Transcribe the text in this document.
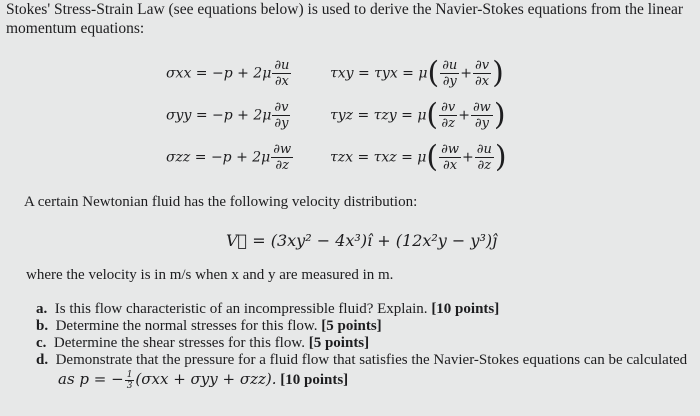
Stokes' Stress-Strain Law (see equations below) is used to derive the Navier-Stokes equations from the linear
momentum equations:
$\sigma xx = -p + 2\mu \frac{\partial u}{\partial x}$
$\sigma yy = -p + 2\mu \frac{\partial v}{\partial y}$
$\sigma zz = -p + 2\mu \frac{\partial w}{\partial z}$
$\tau xy = \tau yx = \mu( \frac{\partial u}{\partial y} + \frac{\partial v}{\partial x}$ )
$\tau yz = \tau zy = \mu( \frac{\partial v}{\partial z} + \frac{\partial w}{\partial y}$ )
$\tau zx = \tau xz = \mu( \frac{\partial w}{\partial x} + \frac{\partial u}{\partial z}$ )
A certain Newtonian fluid has the following velocity distribution:
V⃗ = (3xy² − 4x³)î + (12x²y − y³)ĵ
where the velocity is in m/s when x and y are measured in m.
a. Is this flow characteristic of an incompressible fluid? Explain. [10 points]
b. Determine the normal stresses for this flow. [5 points]
c. Determine the shear stresses for this flow. [5 points]
d. Demonstrate that the pressure for a fluid flow that satisfies the Navier-Stokes equations can be calculated
as p = − $\frac{1}{3} (\sigma xx + \sigma yy + \sigma zz)$. [10 points]
